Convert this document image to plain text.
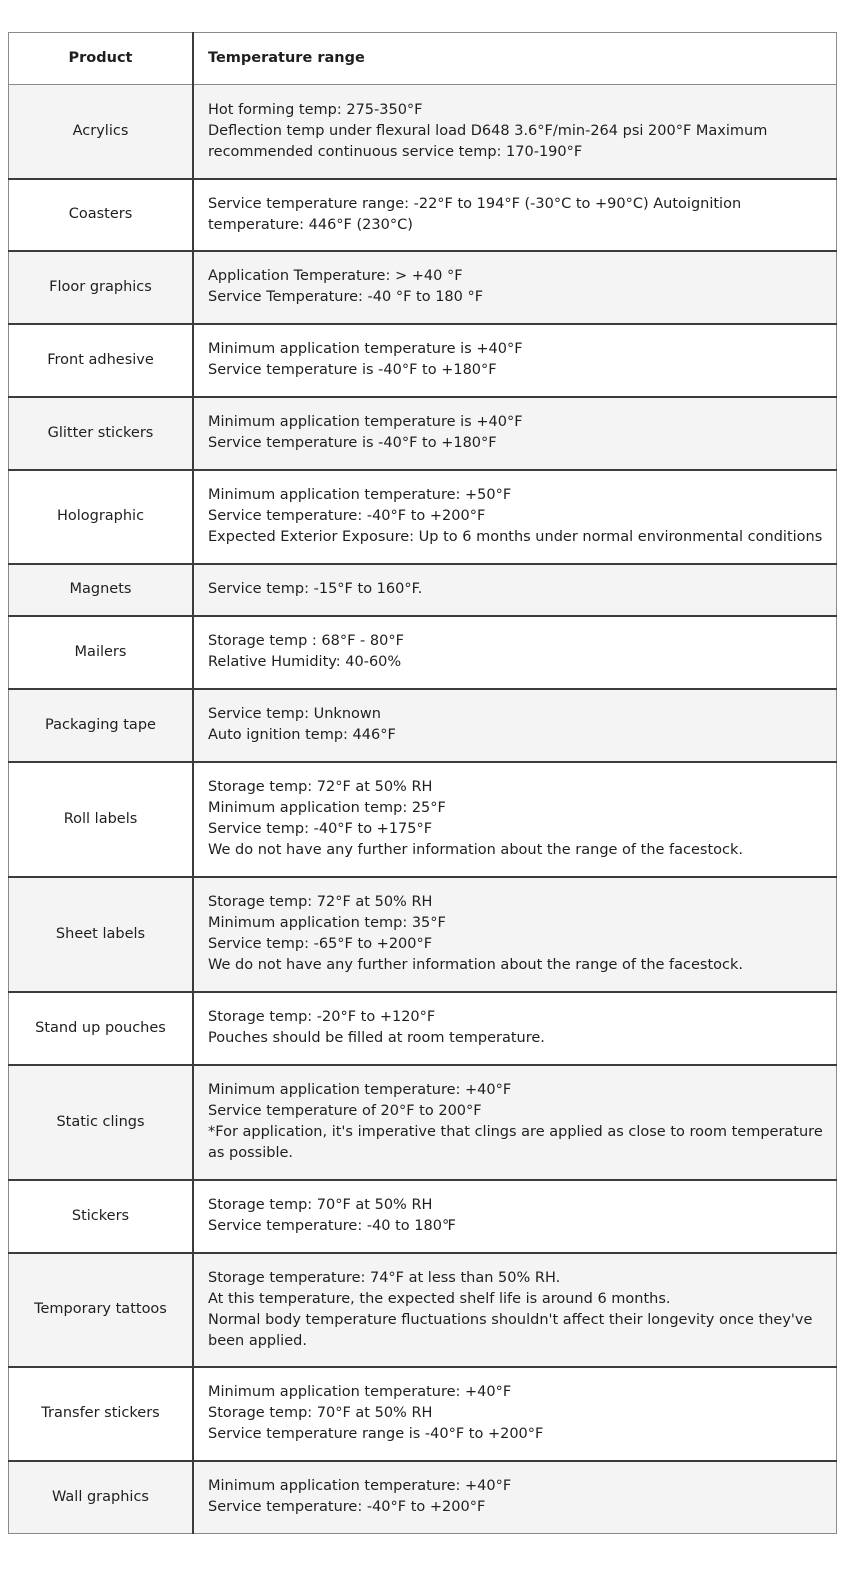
Product	Temperature range
Acrylics	Hot forming temp: 275-350°F
Deflection temp under flexural load D648 3.6°F/min-264 psi 200°F Maximum recommended continuous service temp: 170-190°F

Coasters	Service temperature range: -22°F to 194°F (-30°C to +90°C) Autoignition temperature: 446°F (230°C)

Floor graphics	Application Temperature: > +40 °F
Service Temperature: -40 °F to 180 °F

Front adhesive	Minimum application temperature is +40°F
Service temperature is -40°F to +180°F

Glitter stickers	Minimum application temperature is +40°F
Service temperature is -40°F to +180°F

Holographic	Minimum application temperature: +50°F
Service temperature: -40°F to +200°F
Expected Exterior Exposure: Up to 6 months under normal environmental conditions

Magnets	Service temp: -15°F to 160°F.

Mailers	Storage temp : 68°F - 80°F
Relative Humidity: 40-60%

Packaging tape	Service temp: Unknown
Auto ignition temp: 446°F

Roll labels	Storage temp: 72°F at 50% RH
Minimum application temp: 25°F
Service temp: -40°F to +175°F
We do not have any further information about the range of the facestock.

Sheet labels	Storage temp: 72°F at 50% RH
Minimum application temp: 35°F
Service temp: -65°F to +200°F
We do not have any further information about the range of the facestock.

Stand up pouches	Storage temp: -20°F to +120°F
Pouches should be filled at room temperature.

Static clings	Minimum application temperature: +40°F
Service temperature of 20°F to 200°F
*For application, it's imperative that clings are applied as close to room temperature as possible.

Stickers	Storage temp: 70°F at 50% RH
Service temperature: -40 to 180℉

Temporary tattoos	Storage temperature: 74°F at less than 50% RH.
At this temperature, the expected shelf life is around 6 months.
Normal body temperature fluctuations shouldn't affect their longevity once they've been applied.

Transfer stickers	Minimum application temperature: +40°F
Storage temp: 70°F at 50% RH
Service temperature range is -40°F to +200°F

Wall graphics	Minimum application temperature: +40°F
Service temperature: -40°F to +200°F
